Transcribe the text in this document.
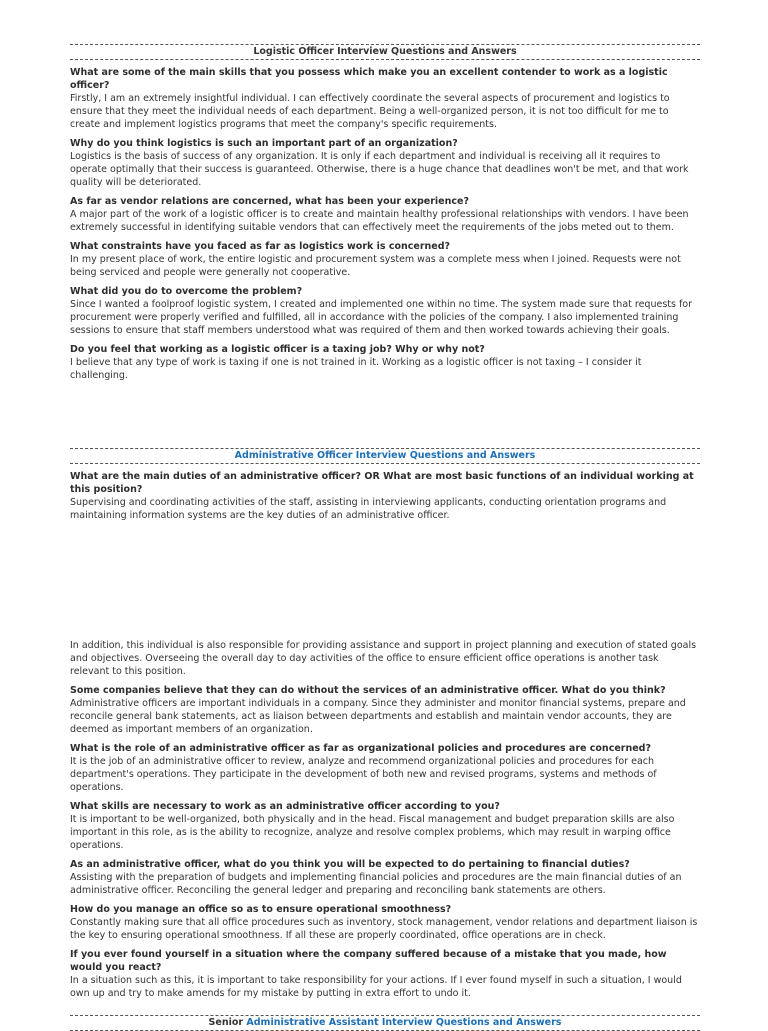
Logistic Officer Interview Questions and Answers

What are some of the main skills that you possess which make you an excellent contender to work as a logistic officer?

Firstly, I am an extremely insightful individual. I can effectively coordinate the several aspects of procurement and logistics to ensure that they meet the individual needs of each department. Being a well-organized person, it is not too difficult for me to create and implement logistics programs that meet the company's specific requirements.

Why do you think logistics is such an important part of an organization?

Logistics is the basis of success of any organization. It is only if each department and individual is receiving all it requires to operate optimally that their success is guaranteed. Otherwise, there is a huge chance that deadlines won't be met, and that work quality will be deteriorated.

As far as vendor relations are concerned, what has been your experience?

A major part of the work of a logistic officer is to create and maintain healthy professional relationships with vendors. I have been extremely successful in identifying suitable vendors that can effectively meet the requirements of the jobs meted out to them.

What constraints have you faced as far as logistics work is concerned?

In my present place of work, the entire logistic and procurement system was a complete mess when I joined. Requests were not being serviced and people were generally not cooperative.

What did you do to overcome the problem?

Since I wanted a foolproof logistic system, I created and implemented one within no time. The system made sure that requests for procurement were properly verified and fulfilled, all in accordance with the policies of the company. I also implemented training sessions to ensure that staff members understood what was required of them and then worked towards achieving their goals.

Do you feel that working as a logistic officer is a taxing job? Why or why not?

I believe that any type of work is taxing if one is not trained in it. Working as a logistic officer is not taxing – I consider it challenging.

Administrative Officer Interview Questions and Answers

What are the main duties of an administrative officer? OR What are most basic functions of an individual working at this position?

Supervising and coordinating activities of the staff, assisting in interviewing applicants, conducting orientation programs and maintaining information systems are the key duties of an administrative officer.

In addition, this individual is also responsible for providing assistance and support in project planning and execution of stated goals and objectives. Overseeing the overall day to day activities of the office to ensure efficient office operations is another task relevant to this position.

Some companies believe that they can do without the services of an administrative officer. What do you think?

Administrative officers are important individuals in a company. Since they administer and monitor financial systems, prepare and reconcile general bank statements, act as liaison between departments and establish and maintain vendor accounts, they are deemed as important members of an organization.

What is the role of an administrative officer as far as organizational policies and procedures are concerned?

It is the job of an administrative officer to review, analyze and recommend organizational policies and procedures for each department's operations. They participate in the development of both new and revised programs, systems and methods of operations.

What skills are necessary to work as an administrative officer according to you?

It is important to be well-organized, both physically and in the head. Fiscal management and budget preparation skills are also important in this role, as is the ability to recognize, analyze and resolve complex problems, which may result in warping office operations.

As an administrative officer, what do you think you will be expected to do pertaining to financial duties?

Assisting with the preparation of budgets and implementing financial policies and procedures are the main financial duties of an administrative officer. Reconciling the general ledger and preparing and reconciling bank statements are others.

How do you manage an office so as to ensure operational smoothness?

Constantly making sure that all office procedures such as inventory, stock management, vendor relations and department liaison is the key to ensuring operational smoothness. If all these are properly coordinated, office operations are in check.

If you ever found yourself in a situation where the company suffered because of a mistake that you made, how would you react?

In a situation such as this, it is important to take responsibility for your actions. If I ever found myself in such a situation, I would own up and try to make amends for my mistake by putting in extra effort to undo it.

Senior Administrative Assistant Interview Questions and Answers
